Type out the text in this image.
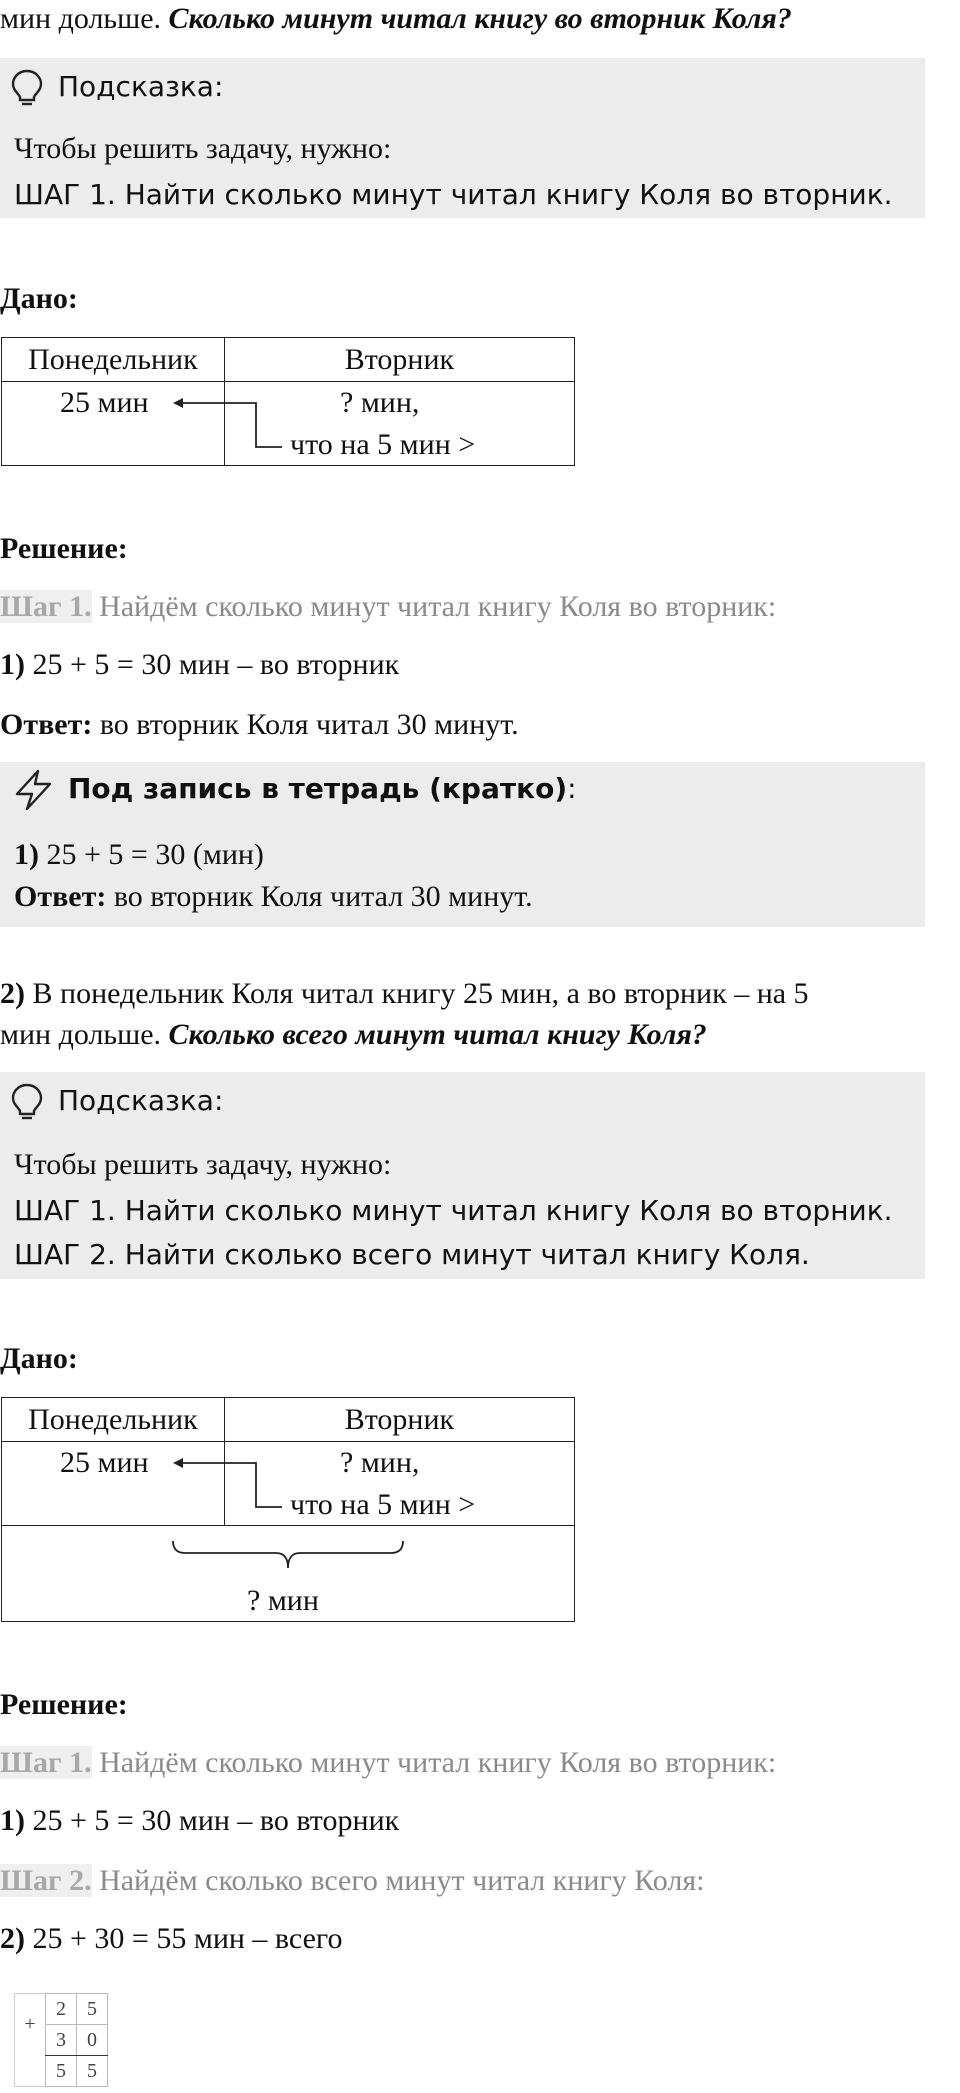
мин дольше. Сколько минут читал книгу во вторник Коля?
Подсказка:
Чтобы решить задачу, нужно:
ШАГ 1. Найти сколько минут читал книгу Коля во вторник.
Дано:
Понедельник	Вторник

25 мин	? мин,
что на 5 мин >
Решение:
Шаг 1. Найдём сколько минут читал книгу Коля во вторник:
1) 25 + 5 = 30 мин – во вторник
Ответ: во вторник Коля читал 30 минут.
Под запись в тетрадь (кратко):
1) 25 + 5 = 30 (мин)
Ответ: во вторник Коля читал 30 минут.
2) В понедельник Коля читал книгу 25 мин, а во вторник – на 5
мин дольше. Сколько всего минут читал книгу Коля?
Подсказка:
Чтобы решить задачу, нужно:
ШАГ 1. Найти сколько минут читал книгу Коля во вторник.
ШАГ 2. Найти сколько всего минут читал книгу Коля.
Дано:
Понедельник	Вторник

25 мин	? мин,
что на 5 мин >
? мин
Решение:
Шаг 1. Найдём сколько минут читал книгу Коля во вторник:
1) 25 + 5 = 30 мин – во вторник
Шаг 2. Найдём сколько всего минут читал книгу Коля:
2) 25 + 30 = 55 мин – всего
+	2	5
	3	0
	5	5
